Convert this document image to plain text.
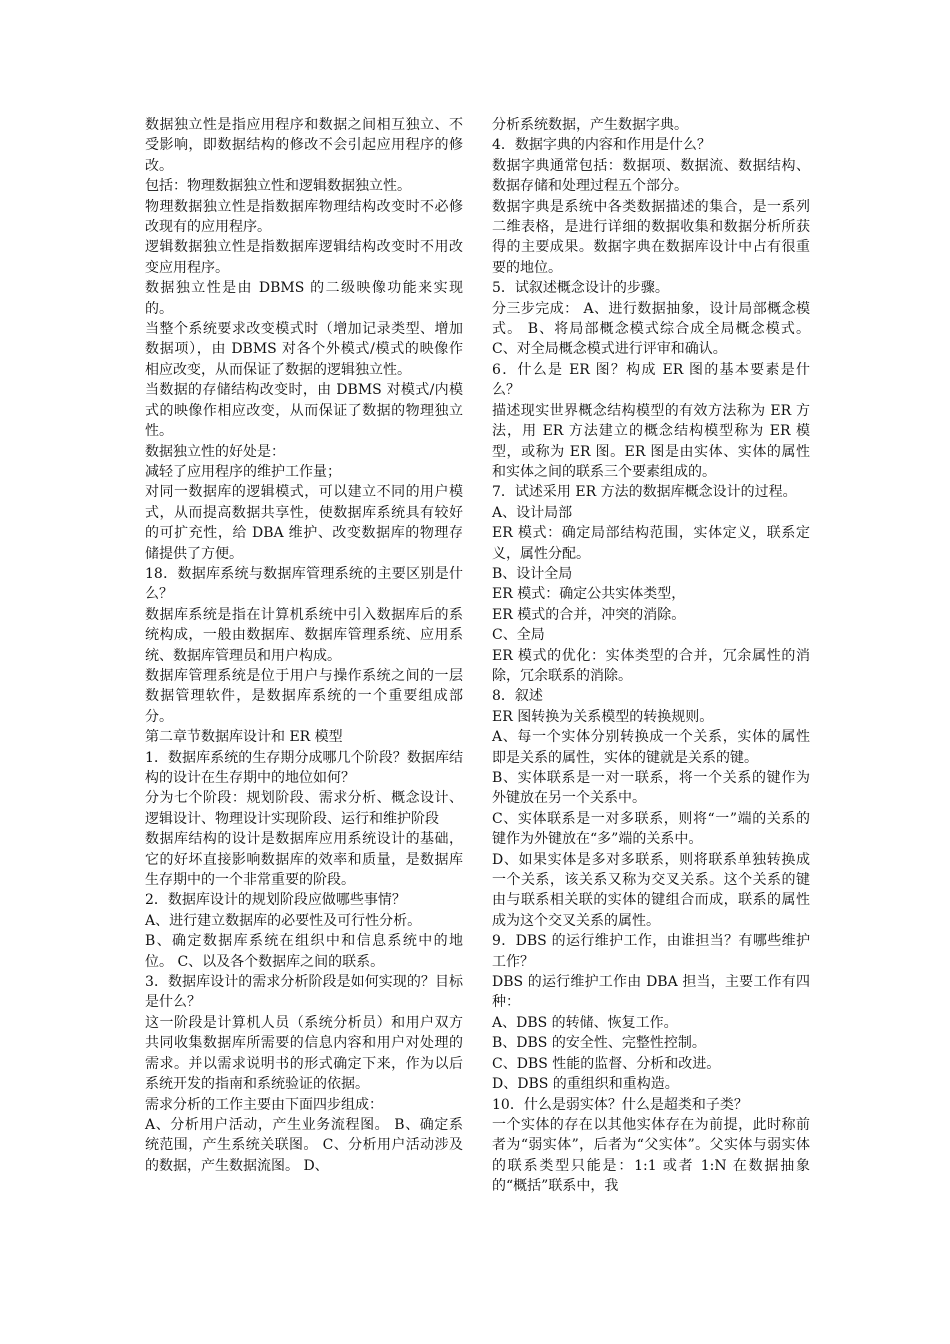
数据独立性是指应用程序和数据之间相互独立、不受影响，即数据结构的修改不会引起应用程序的修改。

包括：物理数据独立性和逻辑数据独立性。

物理数据独立性是指数据库物理结构改变时不必修改现有的应用程序。

逻辑数据独立性是指数据库逻辑结构改变时不用改变应用程序。

数据独立性是由 DBMS 的二级映像功能来实现的。

当整个系统要求改变模式时（增加记录类型、增加数据项），由 DBMS 对各个外模式/模式的映像作相应改变，从而保证了数据的逻辑独立性。

当数据的存储结构改变时，由 DBMS 对模式/内模式的映像作相应改变，从而保证了数据的物理独立性。

数据独立性的好处是：

减轻了应用程序的维护工作量；

对同一数据库的逻辑模式，可以建立不同的用户模式，从而提高数据共享性，使数据库系统具有较好的可扩充性，给 DBA 维护、改变数据库的物理存储提供了方便。

18．数据库系统与数据库管理系统的主要区别是什么？

数据库系统是指在计算机系统中引入数据库后的系统构成，一般由数据库、数据库管理系统、应用系统、数据库管理员和用户构成。

数据库管理系统是位于用户与操作系统之间的一层数据管理软件，是数据库系统的一个重要组成部分。

第二章节数据库设计和 ER 模型

1．数据库系统的生存期分成哪几个阶段？数据库结构的设计在生存期中的地位如何？

分为七个阶段：规划阶段、需求分析、概念设计、逻辑设计、物理设计实现阶段、运行和维护阶段

数据库结构的设计是数据库应用系统设计的基础，它的好坏直接影响数据库的效率和质量，是数据库生存期中的一个非常重要的阶段。

2．数据库设计的规划阶段应做哪些事情？

A、进行建立数据库的必要性及可行性分析。

B、确定数据库系统在组织中和信息系统中的地位。 C、以及各个数据库之间的联系。

3．数据库设计的需求分析阶段是如何实现的？目标是什么？

这一阶段是计算机人员（系统分析员）和用户双方共同收集数据库所需要的信息内容和用户对处理的需求。并以需求说明书的形式确定下来，作为以后系统开发的指南和系统验证的依据。

需求分析的工作主要由下面四步组成：

A、分析用户活动，产生业务流程图。 B、确定系统范围，产生系统关联图。 C、分析用户活动涉及的数据，产生数据流图。 D、

分析系统数据，产生数据字典。

4．数据字典的内容和作用是什么？

数据字典通常包括：数据项、数据流、数据结构、数据存储和处理过程五个部分。

数据字典是系统中各类数据描述的集合，是一系列二维表格，是进行详细的数据收集和数据分析所获得的主要成果。数据字典在数据库设计中占有很重要的地位。

5．试叙述概念设计的步骤。

分三步完成： A、进行数据抽象，设计局部概念模式。 B、将局部概念模式综合成全局概念模式。 C、对全局概念模式进行评审和确认。

6．什么是 ER 图？构成 ER 图的基本要素是什么？

描述现实世界概念结构模型的有效方法称为 ER 方法，用 ER 方法建立的概念结构模型称为 ER 模型，或称为 ER 图。ER 图是由实体、实体的属性和实体之间的联系三个要素组成的。

7．试述采用 ER 方法的数据库概念设计的过程。

A、设计局部

ER 模式：确定局部结构范围，实体定义，联系定义，属性分配。

B、设计全局

ER 模式：确定公共实体类型，

ER 模式的合并，冲突的消除。

C、全局

ER 模式的优化：实体类型的合并，冗余属性的消除，冗余联系的消除。

8．叙述

ER 图转换为关系模型的转换规则。

A、每一个实体分别转换成一个关系，实体的属性即是关系的属性，实体的键就是关系的键。

B、实体联系是一对一联系，将一个关系的键作为外键放在另一个关系中。

C、实体联系是一对多联系，则将“一”端的关系的键作为外键放在“多”端的关系中。

D、如果实体是多对多联系，则将联系单独转换成一个关系，该关系又称为交叉关系。这个关系的键由与联系相关联的实体的键组合而成，联系的属性成为这个交叉关系的属性。

9．DBS 的运行维护工作，由谁担当？有哪些维护工作？

DBS 的运行维护工作由 DBA 担当，主要工作有四种：

A、DBS 的转储、恢复工作。

B、DBS 的安全性、完整性控制。

C、DBS 性能的监督、分析和改进。

D、DBS 的重组织和重构造。

10．什么是弱实体？什么是超类和子类？

一个实体的存在以其他实体存在为前提，此时称前者为“弱实体”，后者为“父实体”。父实体与弱实体的联系类型只能是：1:1 或者 1:N 在数据抽象的“概括”联系中，我
